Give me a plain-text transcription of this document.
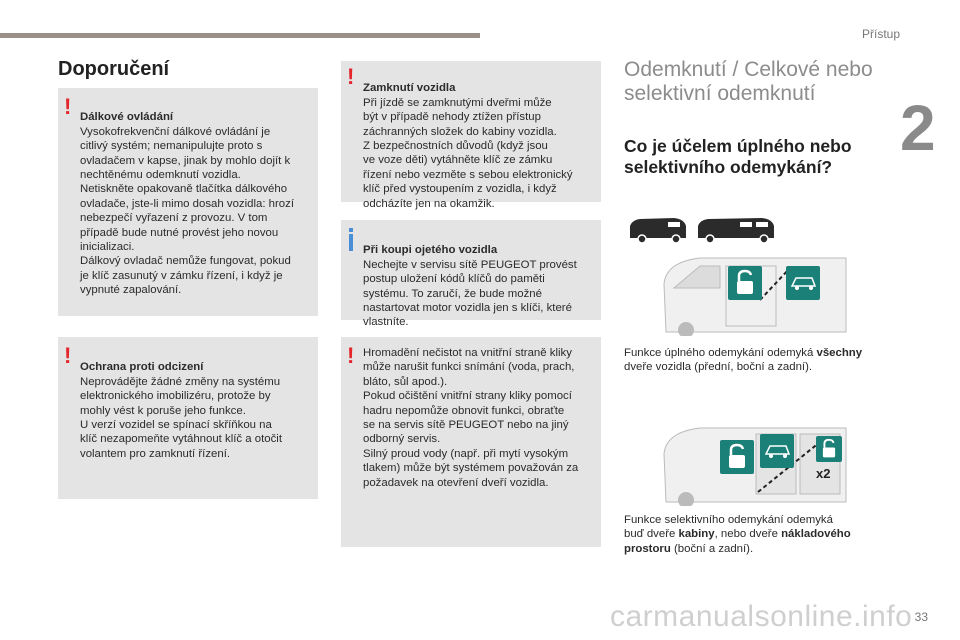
Přístup
2
Doporučení
! Dálkové ovládání

Vysokofrekvenční dálkové ovládání je
citlivý systém; nemanipulujte proto s
ovladačem v kapse, jinak by mohlo dojít k
nechtěnému odemknutí vozidla.
Netiskněte opakovaně tlačítka dálkového
ovladače, jste-li mimo dosah vozidla: hrozí
nebezpečí vyřazení z provozu. V tom
případě bude nutné provést jeho novou
inicializaci.
Dálkový ovladač nemůže fungovat, pokud
je klíč zasunutý v zámku řízení, i když je
vypnuté zapalování.

! Ochrana proti odcizení

Neprovádějte žádné změny na systému
elektronického imobilizéru, protože by
mohly vést k poruše jeho funkce.
U verzí vozidel se spínací skříňkou na
klíč nezapomeňte vytáhnout klíč a otočit
volantem pro zamknutí řízení.

! Zamknutí vozidla

Při jízdě se zamknutými dveřmi může
být v případě nehody ztížen přístup
záchranných složek do kabiny vozidla.
Z bezpečnostních důvodů (když jsou
ve voze děti) vytáhněte klíč ze zámku
řízení nebo vezměte s sebou elektronický
klíč před vystoupením z vozidla, i když
odcházíte jen na okamžik.

Při koupi ojetého vozidla

Nechejte v servisu sítě PEUGEOT provést
postup uložení kódů klíčů do paměti
systému. To zaručí, že bude možné
nastartovat motor vozidla jen s klíči, které
vlastníte.

! Hromadění nečistot na vnitřní straně kliky
může narušit funkci snímání (voda, prach,
bláto, sůl apod.).
Pokud očištění vnitřní strany kliky pomocí
hadru nepomůže obnovit funkci, obraťte
se na servis sítě PEUGEOT nebo na jiný
odborný servis.
Silný proud vody (např. při mytí vysokým
tlakem) může být systémem považován za
požadavek na otevření dveří vozidla.
Odemknutí / Celkové nebo selektivní odemknutí
Co je účelem úplného nebo selektivního odemykání?
Funkce úplného odemykání odemyká všechny
dveře vozidla (přední, boční a zadní).
x2
Funkce selektivního odemykání odemyká
buď dveře kabiny, nebo dveře nákladového
prostoru (boční a zadní).
carmanualsonline.info 33
